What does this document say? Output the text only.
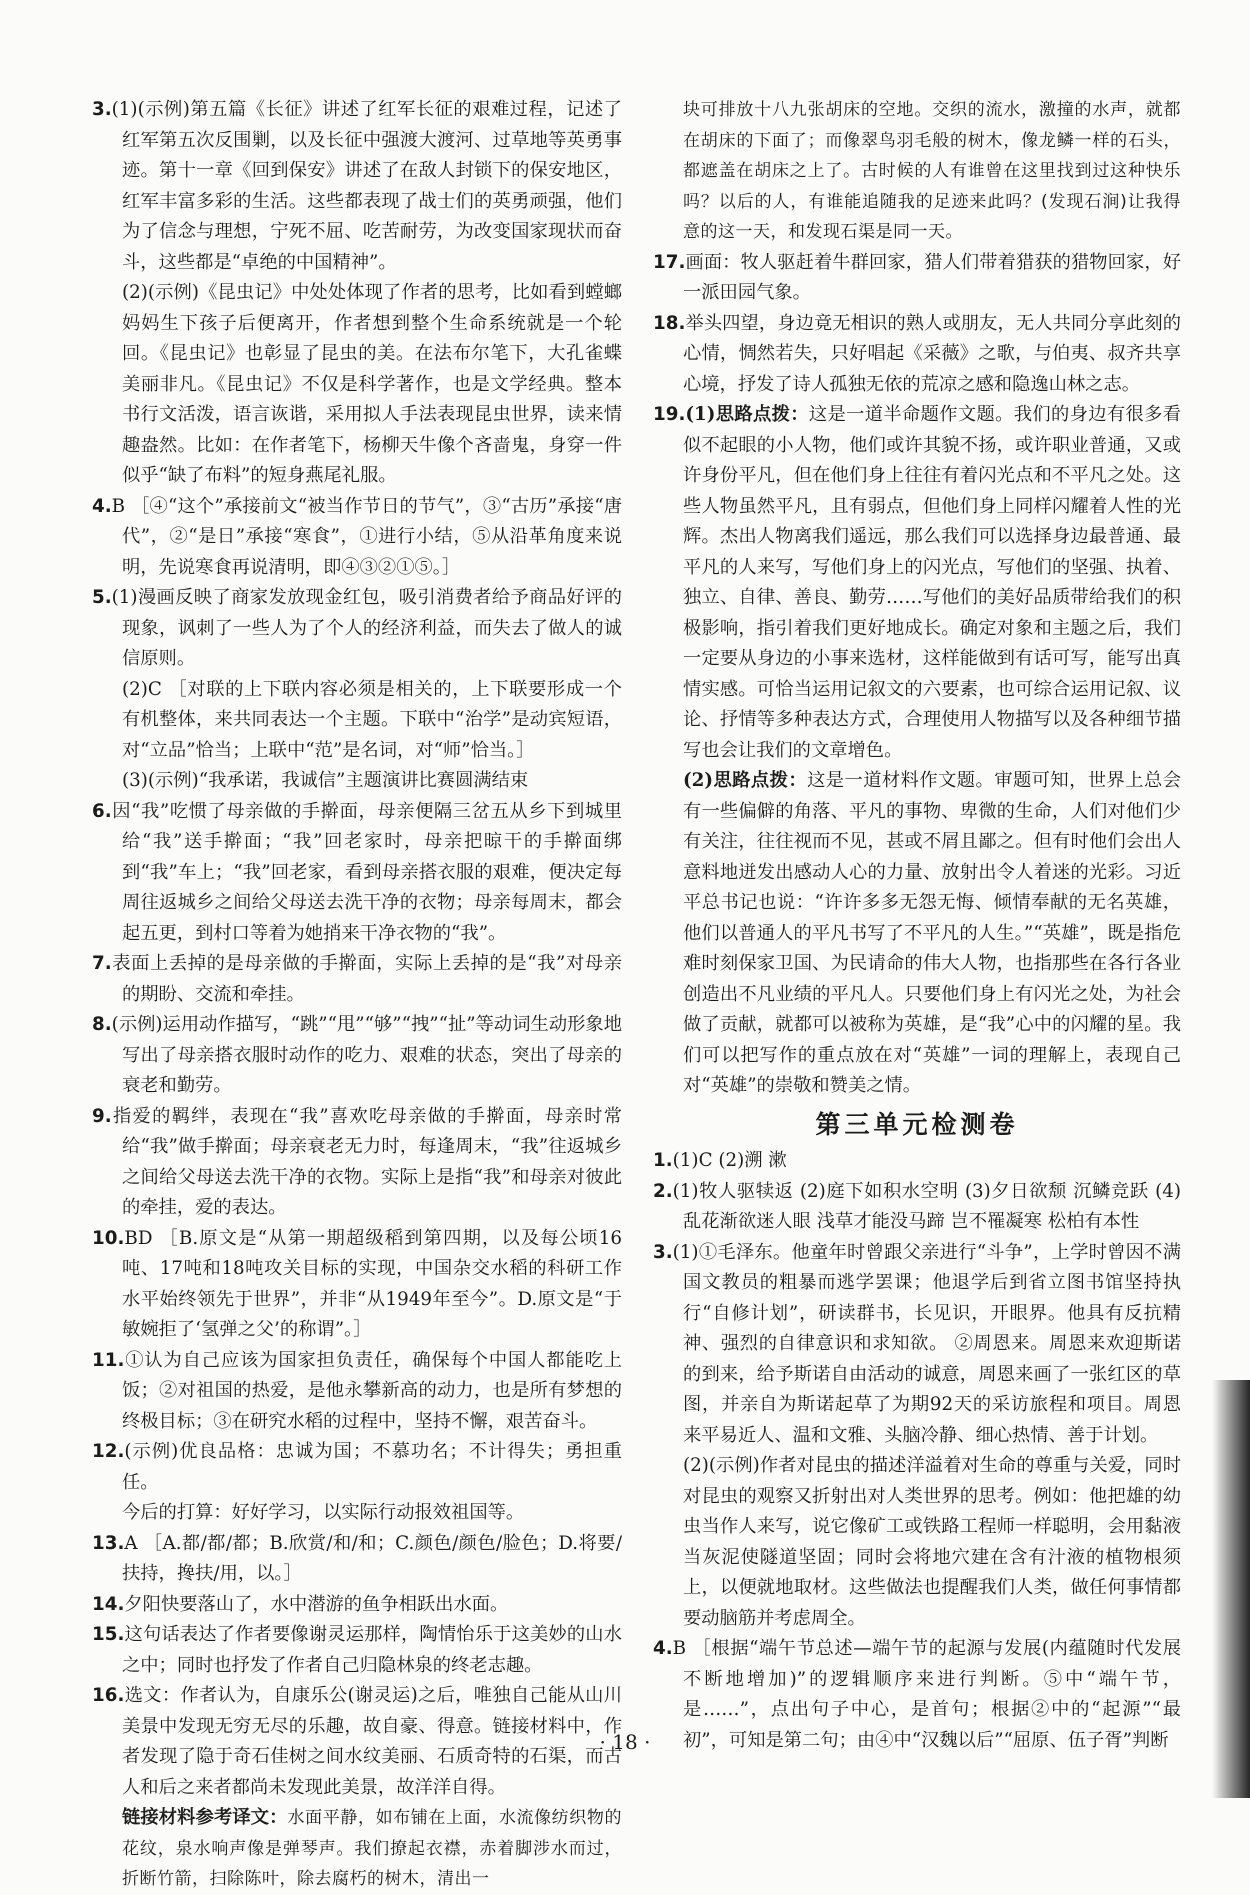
3.(1)(示例)第五篇《长征》讲述了红军长征的艰难过程，记述了红军第五次反围剿，以及长征中强渡大渡河、过草地等英勇事迹。第十一章《回到保安》讲述了在敌人封锁下的保安地区，红军丰富多彩的生活。这些都表现了战士们的英勇顽强，他们为了信念与理想，宁死不屈、吃苦耐劳，为改变国家现状而奋斗，这些都是“卓绝的中国精神”。

(2)(示例)《昆虫记》中处处体现了作者的思考，比如看到螳螂妈妈生下孩子后便离开，作者想到整个生命系统就是一个轮回。《昆虫记》也彰显了昆虫的美。在法布尔笔下，大孔雀蝶美丽非凡。《昆虫记》不仅是科学著作，也是文学经典。整本书行文活泼，语言诙谐，采用拟人手法表现昆虫世界，读来情趣盎然。比如：在作者笔下，杨柳天牛像个吝啬鬼，身穿一件似乎“缺了布料”的短身燕尾礼服。

4.B ［④“这个”承接前文“被当作节日的节气”，③“古历”承接“唐代”，②“是日”承接“寒食”，①进行小结，⑤从沿革角度来说明，先说寒食再说清明，即④③②①⑤。］

5.(1)漫画反映了商家发放现金红包，吸引消费者给予商品好评的现象，讽刺了一些人为了个人的经济利益，而失去了做人的诚信原则。

(2)C ［对联的上下联内容必须是相关的，上下联要形成一个有机整体，来共同表达一个主题。下联中“治学”是动宾短语，对“立品”恰当；上联中“范”是名词，对“师”恰当。］

(3)(示例)“我承诺，我诚信”主题演讲比赛圆满结束

6.因“我”吃惯了母亲做的手擀面，母亲便隔三岔五从乡下到城里给“我”送手擀面；“我”回老家时，母亲把晾干的手擀面绑到“我”车上；“我”回老家，看到母亲搭衣服的艰难，便决定每周往返城乡之间给父母送去洗干净的衣物；母亲每周末，都会起五更，到村口等着为她捎来干净衣物的“我”。

7.表面上丢掉的是母亲做的手擀面，实际上丢掉的是“我”对母亲的期盼、交流和牵挂。

8.(示例)运用动作描写，“跳”“甩”“够”“拽”“扯”等动词生动形象地写出了母亲搭衣服时动作的吃力、艰难的状态，突出了母亲的衰老和勤劳。

9.指爱的羁绊，表现在“我”喜欢吃母亲做的手擀面，母亲时常给“我”做手擀面；母亲衰老无力时，每逢周末，“我”往返城乡之间给父母送去洗干净的衣物。实际上是指“我”和母亲对彼此的牵挂，爱的表达。

10.BD ［B.原文是“从第一期超级稻到第四期，以及每公顷16吨、17吨和18吨攻关目标的实现，中国杂交水稻的科研工作水平始终领先于世界”，并非“从1949年至今”。D.原文是“于敏婉拒了‘氢弹之父’的称谓”。］

11.①认为自己应该为国家担负责任，确保每个中国人都能吃上饭；②对祖国的热爱，是他永攀新高的动力，也是所有梦想的终极目标；③在研究水稻的过程中，坚持不懈，艰苦奋斗。

12.(示例)优良品格：忠诚为国；不慕功名；不计得失；勇担重任。

今后的打算：好好学习，以实际行动报效祖国等。

13.A ［A.都/都/都；B.欣赏/和/和；C.颜色/颜色/脸色；D.将要/扶持，搀扶/用，以。］

14.夕阳快要落山了，水中潜游的鱼争相跃出水面。

15.这句话表达了作者要像谢灵运那样，陶情怡乐于这美妙的山水之中；同时也抒发了作者自己归隐林泉的终老志趣。

16.选文：作者认为，自康乐公(谢灵运)之后，唯独自己能从山川美景中发现无穷无尽的乐趣，故自豪、得意。链接材料中，作者发现了隐于奇石佳树之间水纹美丽、石质奇特的石渠，而古人和后之来者都尚未发现此美景，故洋洋自得。

链接材料参考译文：水面平静，如布铺在上面，水流像纺织物的花纹，泉水响声像是弹琴声。我们撩起衣襟，赤着脚涉水而过，折断竹箭，扫除陈叶，除去腐朽的树木，清出一

块可排放十八九张胡床的空地。交织的流水，激撞的水声，就都在胡床的下面了；而像翠鸟羽毛般的树木，像龙鳞一样的石头，都遮盖在胡床之上了。古时候的人有谁曾在这里找到过这种快乐吗？以后的人，有谁能追随我的足迹来此吗？(发现石涧)让我得意的这一天，和发现石渠是同一天。

17.画面：牧人驱赶着牛群回家，猎人们带着猎获的猎物回家，好一派田园气象。

18.举头四望，身边竟无相识的熟人或朋友，无人共同分享此刻的心情，惆然若失，只好唱起《采薇》之歌，与伯夷、叔齐共享心境，抒发了诗人孤独无依的荒凉之感和隐逸山林之志。

19.(1)思路点拨：这是一道半命题作文题。我们的身边有很多看似不起眼的小人物，他们或许其貌不扬，或许职业普通，又或许身份平凡，但在他们身上往往有着闪光点和不平凡之处。这些人物虽然平凡，且有弱点，但他们身上同样闪耀着人性的光辉。杰出人物离我们遥远，那么我们可以选择身边最普通、最平凡的人来写，写他们身上的闪光点，写他们的坚强、执着、独立、自律、善良、勤劳……写他们的美好品质带给我们的积极影响，指引着我们更好地成长。确定对象和主题之后，我们一定要从身边的小事来选材，这样能做到有话可写，能写出真情实感。可恰当运用记叙文的六要素，也可综合运用记叙、议论、抒情等多种表达方式，合理使用人物描写以及各种细节描写也会让我们的文章增色。

(2)思路点拨：这是一道材料作文题。审题可知，世界上总会有一些偏僻的角落、平凡的事物、卑微的生命，人们对他们少有关注，往往视而不见，甚或不屑且鄙之。但有时他们会出人意料地迸发出感动人心的力量、放射出令人着迷的光彩。习近平总书记也说：“许许多多无怨无悔、倾情奉献的无名英雄，他们以普通人的平凡书写了不平凡的人生。”“英雄”，既是指危难时刻保家卫国、为民请命的伟大人物，也指那些在各行各业创造出不凡业绩的平凡人。只要他们身上有闪光之处，为社会做了贡献，就都可以被称为英雄，是“我”心中的闪耀的星。我们可以把写作的重点放在对“英雄”一词的理解上，表现自己对“英雄”的崇敬和赞美之情。

第三单元检测卷

1.(1)C (2)溯 漱

2.(1)牧人驱犊返 (2)庭下如积水空明 (3)夕日欲颓 沉鳞竞跃 (4)乱花渐欲迷人眼 浅草才能没马蹄 岂不罹凝寒 松柏有本性

3.(1)①毛泽东。他童年时曾跟父亲进行“斗争”，上学时曾因不满国文教员的粗暴而逃学罢课；他退学后到省立图书馆坚持执行“自修计划”，研读群书，长见识，开眼界。他具有反抗精神、强烈的自律意识和求知欲。 ②周恩来。周恩来欢迎斯诺的到来，给予斯诺自由活动的诚意，周恩来画了一张红区的草图，并亲自为斯诺起草了为期92天的采访旅程和项目。周恩来平易近人、温和文雅、头脑冷静、细心热情、善于计划。

(2)(示例)作者对昆虫的描述洋溢着对生命的尊重与关爱，同时对昆虫的观察又折射出对人类世界的思考。例如：他把雄的幼虫当作人来写，说它像矿工或铁路工程师一样聪明，会用黏液当灰泥使隧道坚固；同时会将地穴建在含有汁液的植物根须上，以便就地取材。这些做法也提醒我们人类，做任何事情都要动脑筋并考虑周全。

4.B ［根据“端午节总述—端午节的起源与发展(内蕴随时代发展不断地增加)”的逻辑顺序来进行判断。⑤中“端午节，是……”，点出句子中心，是首句；根据②中的“起源”“最初”，可知是第二句；由④中“汉魏以后”“屈原、伍子胥”判断

· 18 ·
